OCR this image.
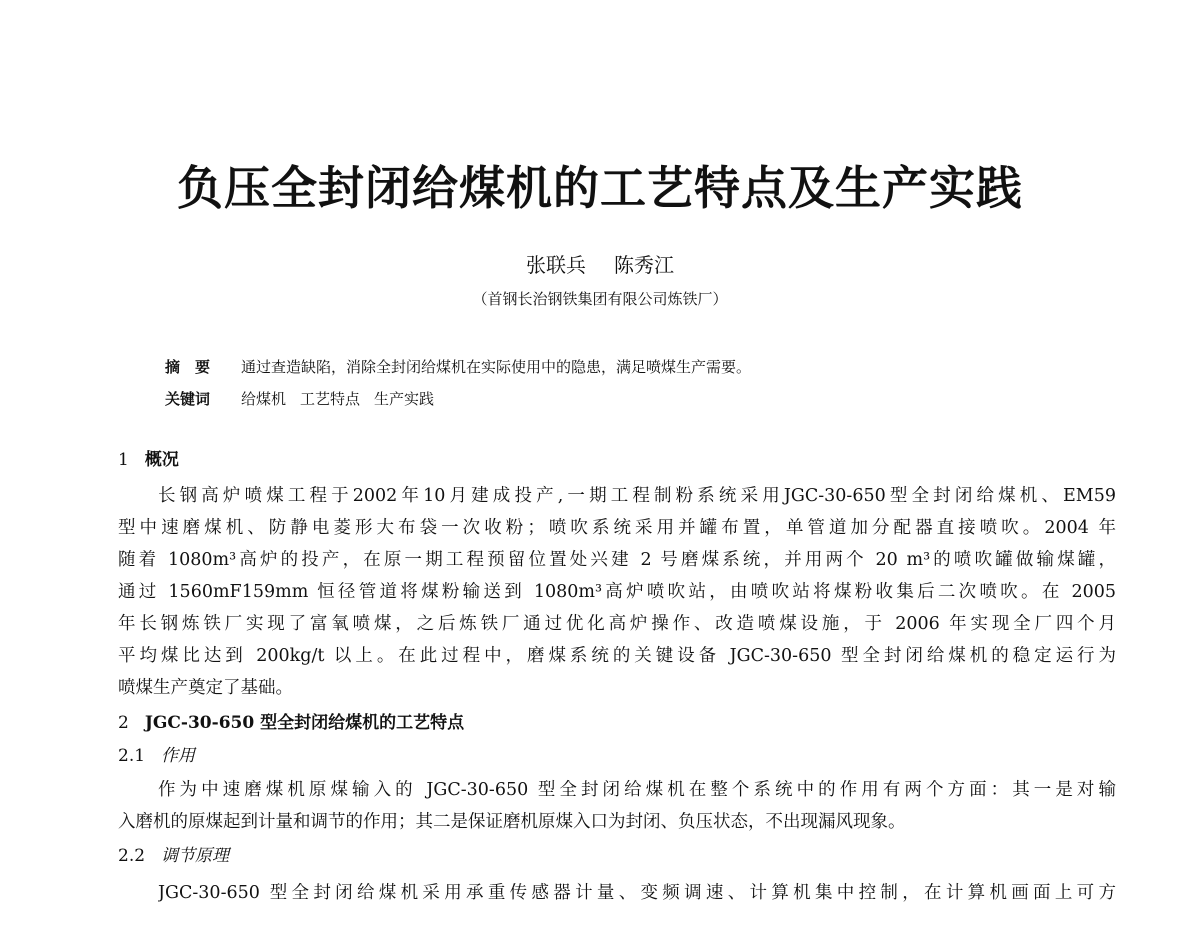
负压全封闭给煤机的工艺特点及生产实践
张联兵 陈秀江
（首钢长治钢铁集团有限公司炼铁厂）
摘　要 通过查造缺陷，消除全封闭给煤机在实际使用中的隐患，满足喷煤生产需要。
关键词 给煤机 工艺特点 生产实践
1 概况
长钢高炉喷煤工程于2002年10月建成投产,一期工程制粉系统采用JGC-30-650型全封闭给煤机、EM59
型中速磨煤机、防静电菱形大布袋一次收粉；喷吹系统采用并罐布置，单管道加分配器直接喷吹。2004 年
随着 1080m³高炉的投产，在原一期工程预留位置处兴建 2 号磨煤系统，并用两个 20 m³的喷吹罐做输煤罐，
通过 1560mF159mm 恒径管道将煤粉输送到 1080m³高炉喷吹站，由喷吹站将煤粉收集后二次喷吹。在 2005
年长钢炼铁厂实现了富氧喷煤，之后炼铁厂通过优化高炉操作、改造喷煤设施，于 2006 年实现全厂四个月
平均煤比达到 200kg/t 以上。在此过程中，磨煤系统的关键设备 JGC-30-650 型全封闭给煤机的稳定运行为
喷煤生产奠定了基础。
2 JGC-30-650 型全封闭给煤机的工艺特点
2.1 作用
作为中速磨煤机原煤输入的 JGC-30-650 型全封闭给煤机在整个系统中的作用有两个方面：其一是对输
入磨机的原煤起到计量和调节的作用；其二是保证磨机原煤入口为封闭、负压状态，不出现漏风现象。
2.2 调节原理
JGC-30-650 型全封闭给煤机采用承重传感器计量、变频调速、计算机集中控制，在计算机画面上可方
